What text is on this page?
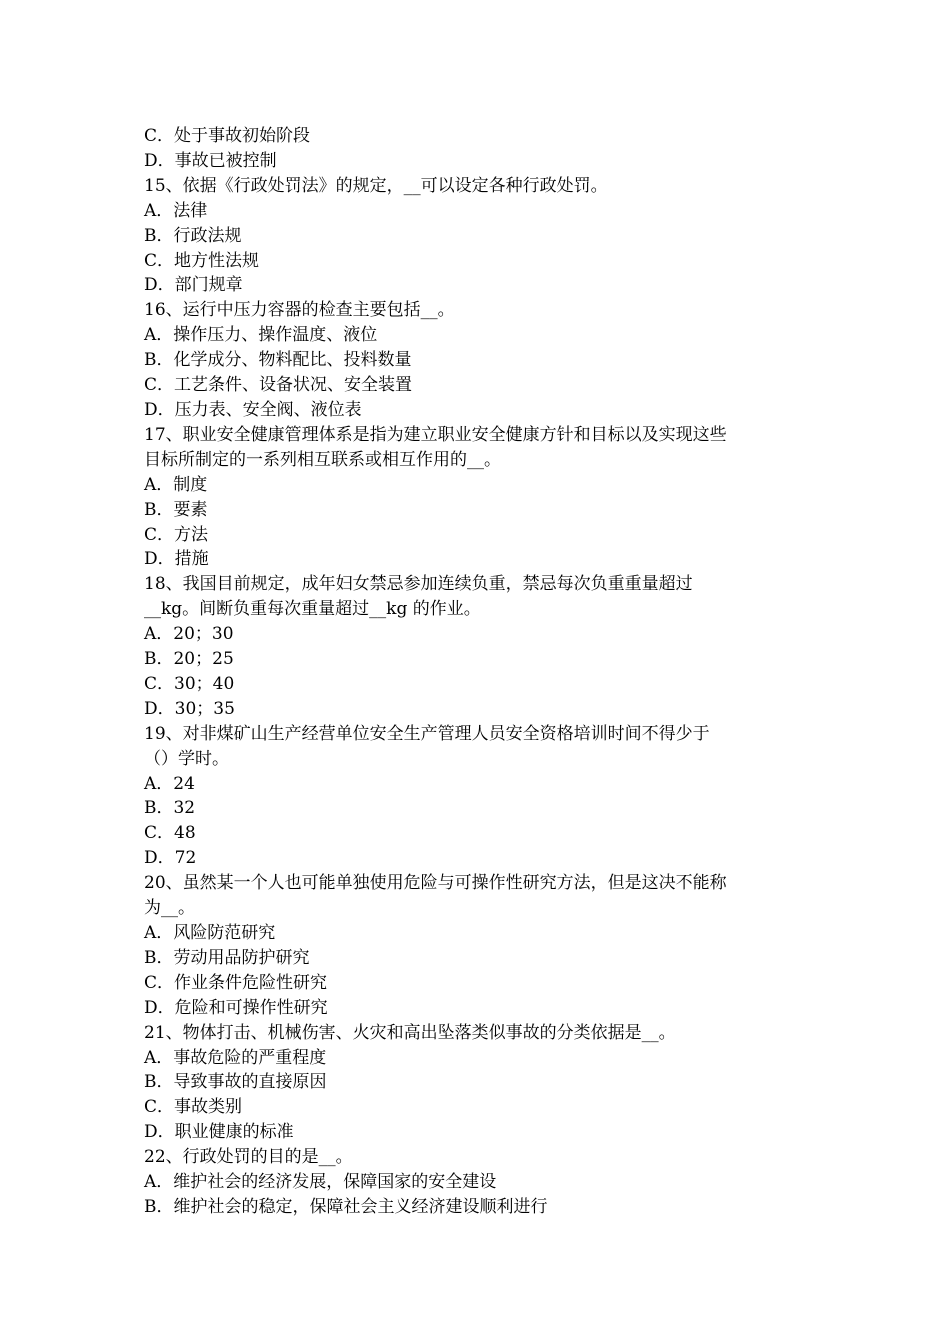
C．处于事故初始阶段
D．事故已被控制
15、依据《行政处罚法》的规定，__可以设定各种行政处罚。
A．法律
B．行政法规
C．地方性法规
D．部门规章
16、运行中压力容器的检查主要包括__。
A．操作压力、操作温度、液位
B．化学成分、物料配比、投料数量
C．工艺条件、设备状况、安全装置
D．压力表、安全阀、液位表
17、职业安全健康管理体系是指为建立职业安全健康方针和目标以及实现这些
目标所制定的一系列相互联系或相互作用的__。
A．制度
B．要素
C．方法
D．措施
18、我国目前规定，成年妇女禁忌参加连续负重，禁忌每次负重重量超过
__kg。间断负重每次重量超过__kg 的作业。
A．20；30
B．20；25
C．30；40
D．30；35
19、对非煤矿山生产经营单位安全生产管理人员安全资格培训时间不得少于
（）学时。
A．24
B．32
C．48
D．72
20、虽然某一个人也可能单独使用危险与可操作性研究方法，但是这决不能称
为__。
A．风险防范研究
B．劳动用品防护研究
C．作业条件危险性研究
D．危险和可操作性研究
21、物体打击、机械伤害、火灾和高出坠落类似事故的分类依据是__。
A．事故危险的严重程度
B．导致事故的直接原因
C．事故类别
D．职业健康的标准
22、行政处罚的目的是__。
A．维护社会的经济发展，保障国家的安全建设
B．维护社会的稳定，保障社会主义经济建设顺利进行
